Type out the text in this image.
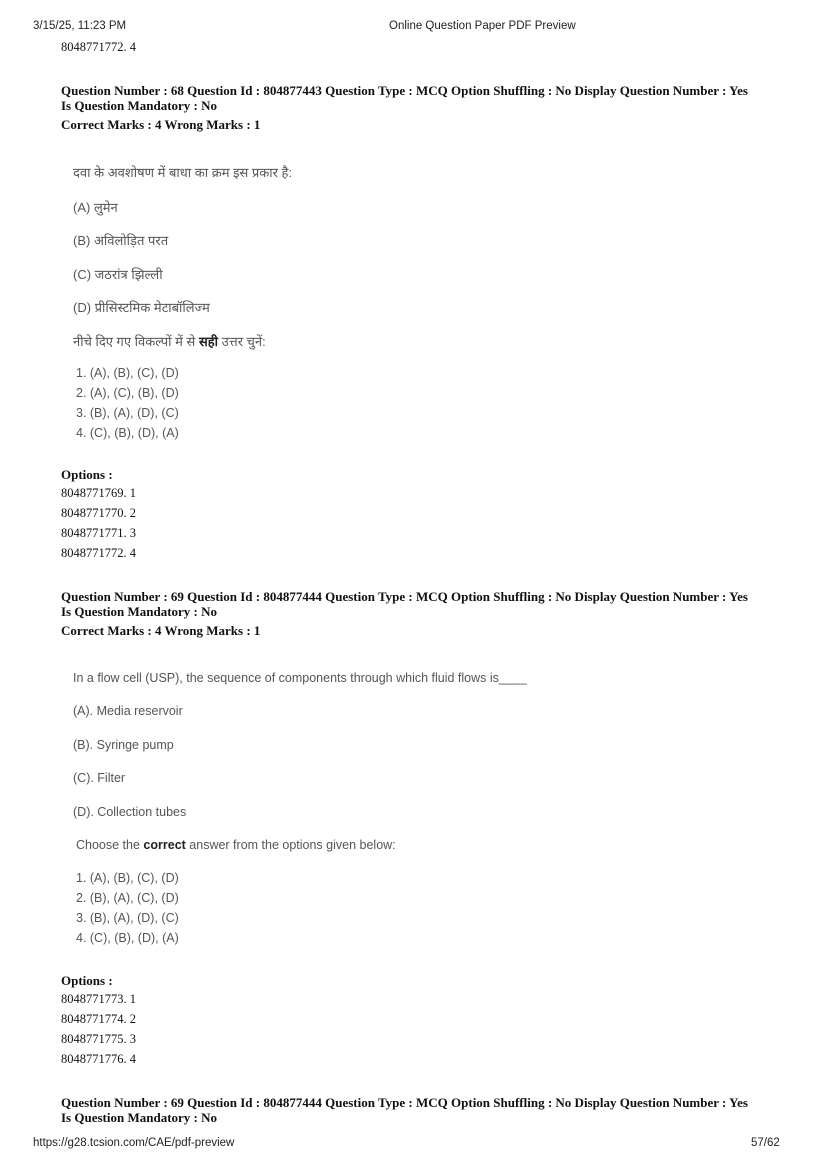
3/15/25, 11:23 PM	Online Question Paper PDF Preview
8048771772. 4
Question Number : 68 Question Id : 804877443 Question Type : MCQ Option Shuffling : No Display Question Number : Yes
Is Question Mandatory : No
Correct Marks : 4 Wrong Marks : 1
दवा के अवशोषण में बाधा का क्रम इस प्रकार है:
(A) लुमेन
(B) अविलोड़ित परत
(C) जठरांत्र झिल्ली
(D) प्रीसिस्टमिक मेटाबॉलिज्म
नीचे दिए गए विकल्पों में से सही उत्तर चुनें:
1. (A), (B), (C), (D)
2. (A), (C), (B), (D)
3. (B), (A), (D), (C)
4. (C), (B), (D), (A)
Options :
8048771769. 1
8048771770. 2
8048771771. 3
8048771772. 4
Question Number : 69 Question Id : 804877444 Question Type : MCQ Option Shuffling : No Display Question Number : Yes
Is Question Mandatory : No
Correct Marks : 4 Wrong Marks : 1
In a flow cell (USP), the sequence of components through which fluid flows is____
(A). Media reservoir
(B). Syringe pump
(C). Filter
(D). Collection tubes
Choose the correct answer from the options given below:
1. (A), (B), (C), (D)
2. (B), (A), (C), (D)
3. (B), (A), (D), (C)
4. (C), (B), (D), (A)
Options :
8048771773. 1
8048771774. 2
8048771775. 3
8048771776. 4
Question Number : 69 Question Id : 804877444 Question Type : MCQ Option Shuffling : No Display Question Number : Yes
Is Question Mandatory : No
https://g28.tcsion.com/CAE/pdf-preview	57/62
